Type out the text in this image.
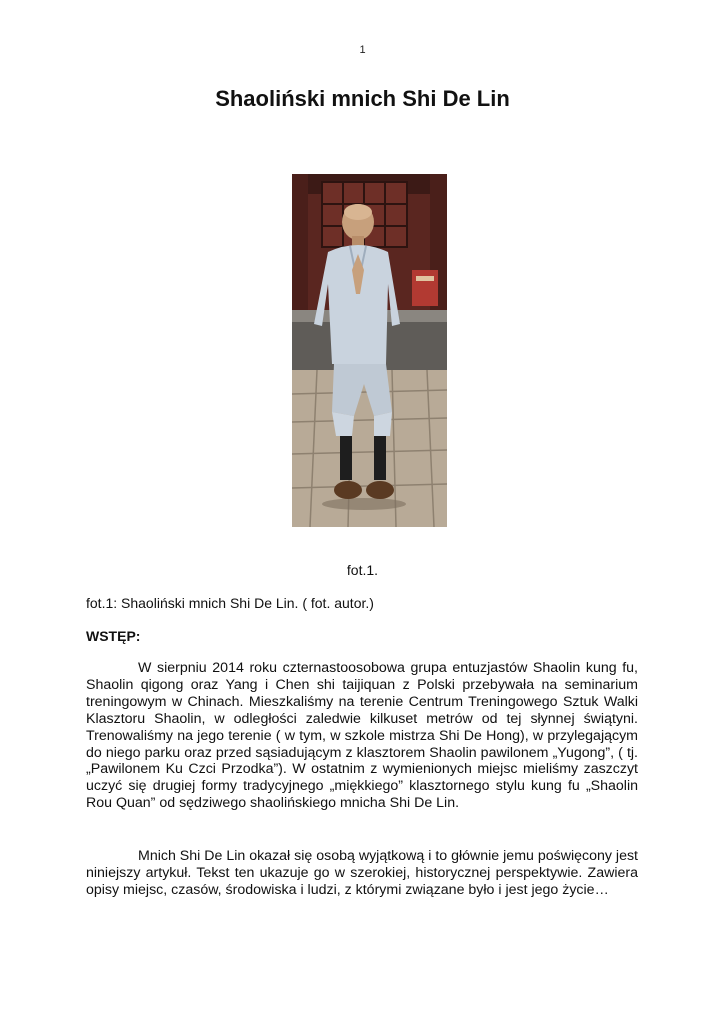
1
Shaoliński mnich Shi De Lin
fot.1.
fot.1: Shaoliński mnich Shi De Lin. ( fot. autor.)
WSTĘP:

W sierpniu 2014 roku czternastoosobowa grupa entuzjastów Shaolin kung fu, Shaolin qigong oraz Yang i Chen shi taijiquan z Polski przebywała na seminarium treningowym w Chinach. Mieszkaliśmy na terenie Centrum Treningowego Sztuk Walki Klasztoru Shaolin, w odległości zaledwie kilkuset metrów od tej słynnej świątyni. Trenowaliśmy na jego terenie ( w tym, w szkole mistrza Shi De Hong), w przylegającym do niego parku oraz przed sąsiadującym z klasztorem Shaolin pawilonem „Yugong”, ( tj. „Pawilonem Ku Czci Przodka”). W ostatnim z wymienionych miejsc mieliśmy zaszczyt uczyć się drugiej formy tradycyjnego „miękkiego” klasztornego stylu kung fu „Shaolin Rou Quan” od sędziwego shaolińskiego mnicha Shi De Lin.

Mnich Shi De Lin okazał się osobą wyjątkową i to głównie jemu poświęcony jest niniejszy artykuł. Tekst ten ukazuje go w szerokiej, historycznej perspektywie. Zawiera opisy miejsc, czasów, środowiska i ludzi, z którymi związane było i jest jego życie…
